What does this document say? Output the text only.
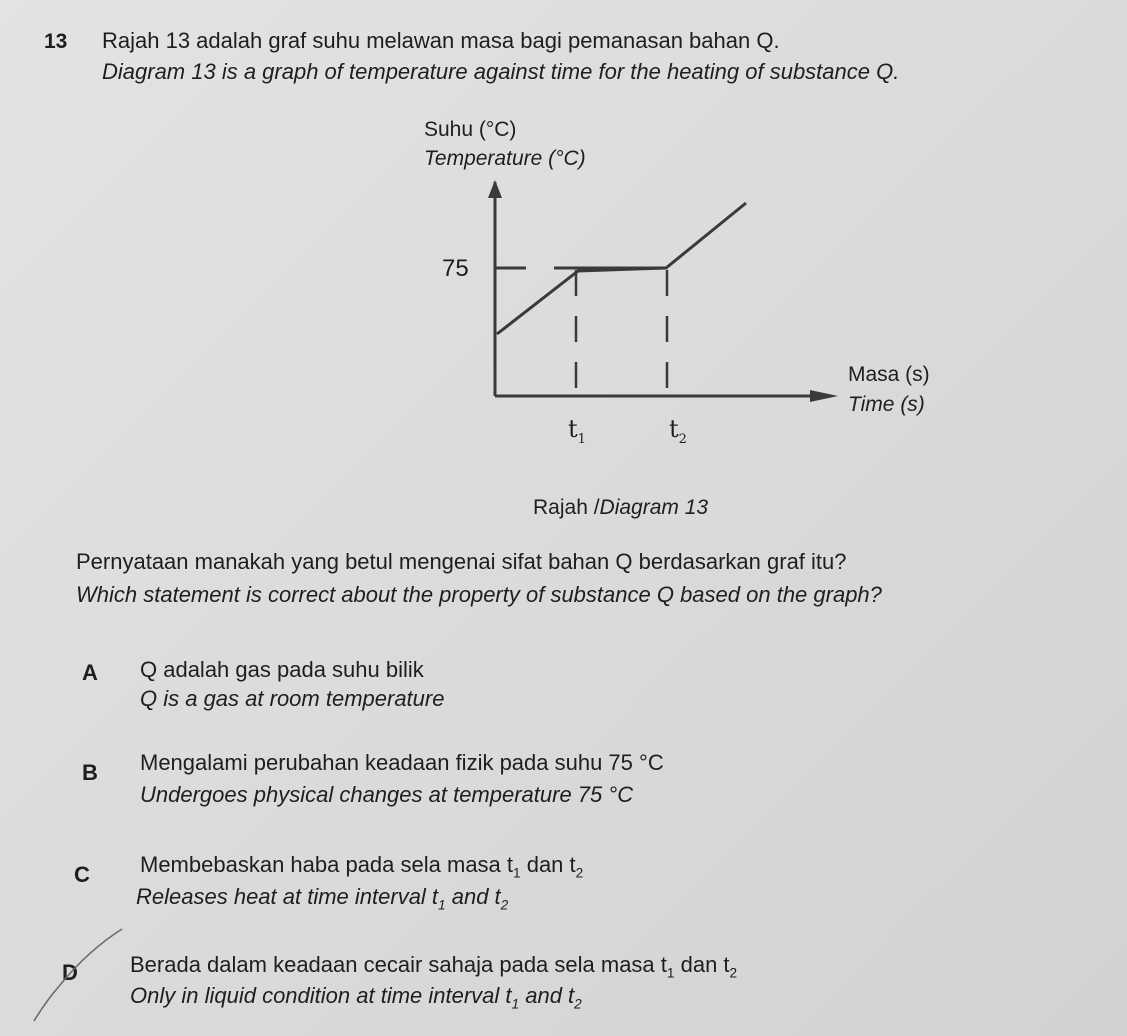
13 Rajah 13 adalah graf suhu melawan masa bagi pemanasan bahan Q.
Diagram 13 is a graph of temperature against time for the heating of substance Q.
Suhu (°C)
Temperature (°C)
75
Masa (s)
Time (s)
$t_1$	$t_2$
Rajah /Diagram 13
Pernyataan manakah yang betul mengenai sifat bahan Q berdasarkan graf itu?
Which statement is correct about the property of substance Q based on the graph?
A Q adalah gas pada suhu bilik
Q is a gas at room temperature
B Mengalami perubahan keadaan fizik pada suhu 75 °C
Undergoes physical changes at temperature 75 °C
C Membebaskan haba pada sela masa $t_1$ dan $t_2$
Releases heat at time interval $t_1$ and $t_2$
D Berada dalam keadaan cecair sahaja pada sela masa $t_1$ dan $t_2$
Only in liquid condition at time interval $t_1$ and $t_2$
